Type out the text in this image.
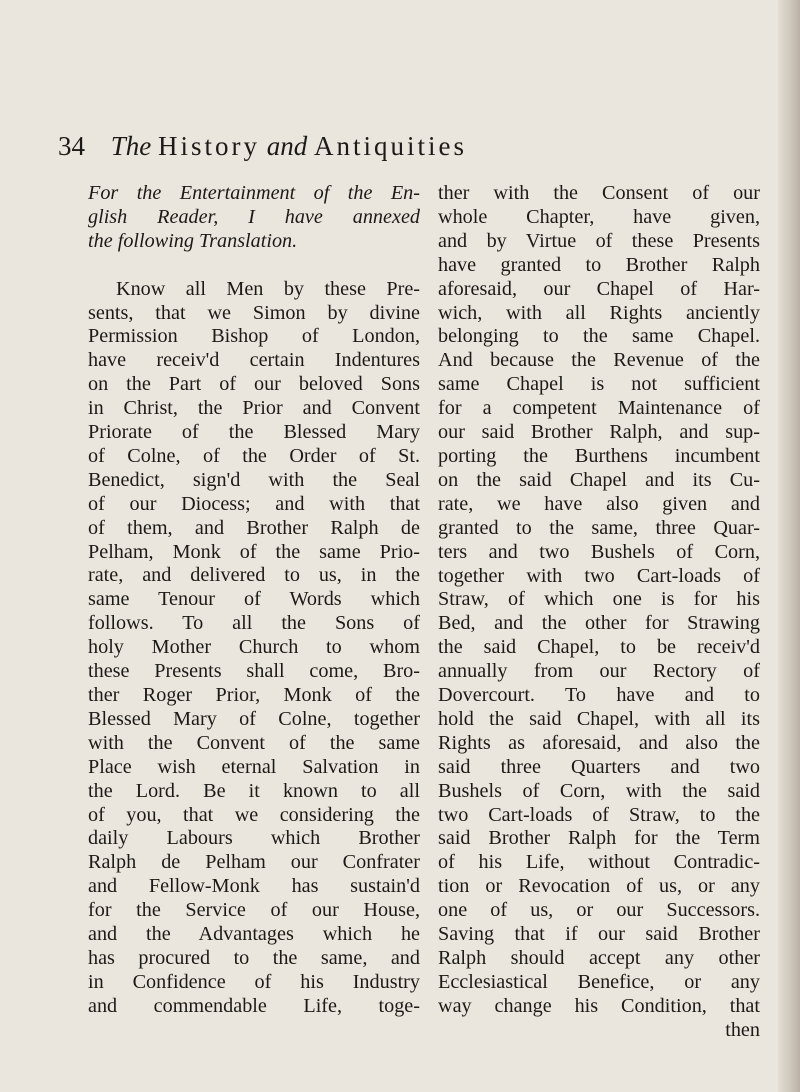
34 The History and Antiquities
For the Entertainment of the En-
glish Reader, I have annexed
the following Translation.
Know all Men by these Pre-
sents, that we Simon by divine
Permission Bishop of London,
have receiv'd certain Indentures
on the Part of our beloved Sons
in Christ, the Prior and Convent
Priorate of the Blessed Mary
of Colne, of the Order of St.
Benedict, sign'd with the Seal
of our Diocess; and with that
of them, and Brother Ralph de
Pelham, Monk of the same Prio-
rate, and delivered to us, in the
same Tenour of Words which
follows. To all the Sons of
holy Mother Church to whom
these Presents shall come, Bro-
ther Roger Prior, Monk of the
Blessed Mary of Colne, together
with the Convent of the same
Place wish eternal Salvation in
the Lord. Be it known to all
of you, that we considering the
daily Labours which Brother
Ralph de Pelham our Confrater
and Fellow-Monk has sustain'd
for the Service of our House,
and the Advantages which he
has procured to the same, and
in Confidence of his Industry
and commendable Life, toge-
ther with the Consent of our
whole Chapter, have given,
and by Virtue of these Presents
have granted to Brother Ralph
aforesaid, our Chapel of Har-
wich, with all Rights anciently
belonging to the same Chapel.
And because the Revenue of the
same Chapel is not sufficient
for a competent Maintenance of
our said Brother Ralph, and sup-
porting the Burthens incumbent
on the said Chapel and its Cu-
rate, we have also given and
granted to the same, three Quar-
ters and two Bushels of Corn,
together with two Cart-loads of
Straw, of which one is for his
Bed, and the other for Strawing
the said Chapel, to be receiv'd
annually from our Rectory of
Dovercourt. To have and to
hold the said Chapel, with all its
Rights as aforesaid, and also the
said three Quarters and two
Bushels of Corn, with the said
two Cart-loads of Straw, to the
said Brother Ralph for the Term
of his Life, without Contradic-
tion or Revocation of us, or any
one of us, or our Successors.
Saving that if our said Brother
Ralph should accept any other
Ecclesiastical Benefice, or any
way change his Condition, that
then
